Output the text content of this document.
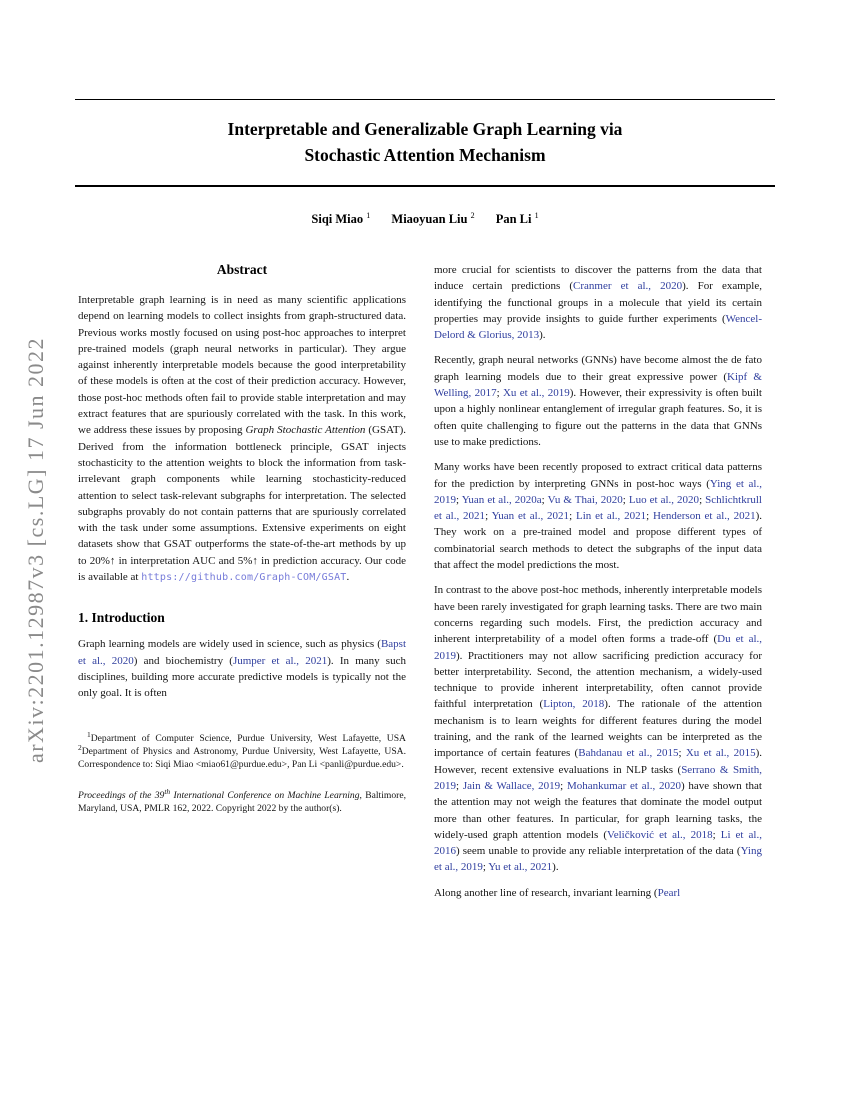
arXiv:2201.12987v3 [cs.LG] 17 Jun 2022
Interpretable and Generalizable Graph Learning via
Stochastic Attention Mechanism
Siqi Miao $^1$ Miaoyuan Liu $^2$ Pan Li $^1$
Abstract
Interpretable graph learning is in need as many scientific applications depend on learning models to collect insights from graph-structured data. Previous works mostly focused on using post-hoc approaches to interpret pre-trained models (graph neural networks in particular). They argue against inherently interpretable models because the good interpretability of these models is often at the cost of their prediction accuracy. However, those post-hoc methods often fail to provide stable interpretation and may extract features that are spuriously correlated with the task. In this work, we address these issues by proposing Graph Stochastic Attention (GSAT). Derived from the information bottleneck principle, GSAT injects stochasticity to the attention weights to block the information from task-irrelevant graph components while learning stochasticity-reduced attention to select task-relevant subgraphs for interpretation. The selected subgraphs provably do not contain patterns that are spuriously correlated with the task under some assumptions. Extensive experiments on eight datasets show that GSAT outperforms the state-of-the-art methods by up to 20%↑ in interpretation AUC and 5%↑ in prediction accuracy. Our code is available at https://github.com/Graph-COM/GSAT.
1. Introduction
Graph learning models are widely used in science, such as physics (Bapst et al., 2020) and biochemistry (Jumper et al., 2021). In many such disciplines, building more accurate predictive models is typically not the only goal. It is often
$^1$Department of Computer Science, Purdue University, West Lafayette, USA $^2$Department of Physics and Astronomy, Purdue University, West Lafayette, USA. Correspondence to: Siqi Miao <miao61@purdue.edu>, Pan Li <panli@purdue.edu>.
Proceedings of the 39th International Conference on Machine Learning, Baltimore, Maryland, USA, PMLR 162, 2022. Copyright 2022 by the author(s).
more crucial for scientists to discover the patterns from the data that induce certain predictions (Cranmer et al., 2020). For example, identifying the functional groups in a molecule that yield its certain properties may provide insights to guide further experiments (Wencel-Delord & Glorius, 2013).
Recently, graph neural networks (GNNs) have become almost the de fato graph learning models due to their great expressive power (Kipf & Welling, 2017; Xu et al., 2019). However, their expressivity is often built upon a highly nonlinear entanglement of irregular graph features. So, it is often quite challenging to figure out the patterns in the data that GNNs use to make predictions.
Many works have been recently proposed to extract critical data patterns for the prediction by interpreting GNNs in post-hoc ways (Ying et al., 2019; Yuan et al., 2020a; Vu & Thai, 2020; Luo et al., 2020; Schlichtkrull et al., 2021; Yuan et al., 2021; Lin et al., 2021; Henderson et al., 2021). They work on a pre-trained model and propose different types of combinatorial search methods to detect the subgraphs of the input data that affect the model predictions the most.
In contrast to the above post-hoc methods, inherently interpretable models have been rarely investigated for graph learning tasks. There are two main concerns regarding such models. First, the prediction accuracy and inherent interpretability of a model often forms a trade-off (Du et al., 2019). Practitioners may not allow sacrificing prediction accuracy for better interpretability. Second, the attention mechanism, a widely-used technique to provide inherent interpretability, often cannot provide faithful interpretation (Lipton, 2018). The rationale of the attention mechanism is to learn weights for different features during the model training, and the rank of the learned weights can be interpreted as the importance of certain features (Bahdanau et al., 2015; Xu et al., 2015). However, recent extensive evaluations in NLP tasks (Serrano & Smith, 2019; Jain & Wallace, 2019; Mohankumar et al., 2020) have shown that the attention may not weigh the features that dominate the model output more than other features. In particular, for graph learning tasks, the widely-used graph attention models (Veličković et al., 2018; Li et al., 2016) seem unable to provide any reliable interpretation of the data (Ying et al., 2019; Yu et al., 2021).
Along another line of research, invariant learning (Pearl
